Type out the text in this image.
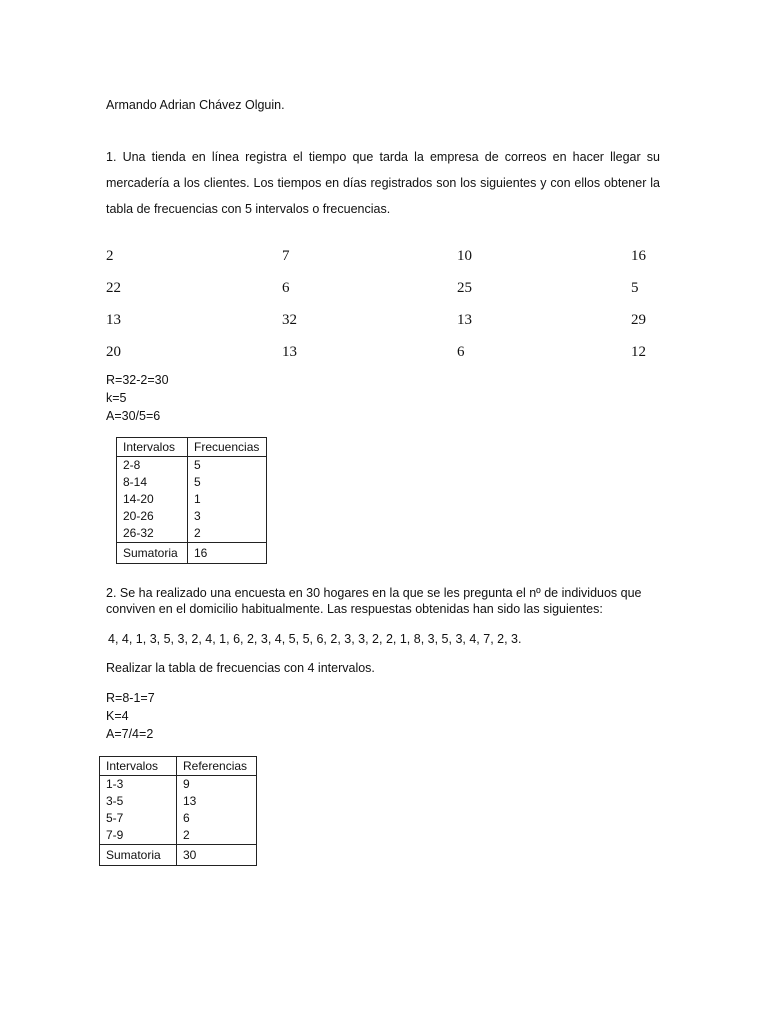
Armando Adrian Chávez Olguin.
1. Una tienda en línea registra el tiempo que tarda la empresa de correos en hacer llegar su mercadería a los clientes. Los tiempos en días registrados son los siguientes y con ellos obtener la tabla de frecuencias con 5 intervalos o frecuencias.
2	7	10	16
22	6	25	5
13	32	13	29
20	13	6	12
R=32-2=30
k=5
A=30/5=6
Intervalos	Frecuencias
2-8	5
8-14	5
14-20	1
20-26	3
26-32	2
Sumatoria	16
2. Se ha realizado una encuesta en 30 hogares en la que se les pregunta el nº de individuos que conviven en el domicilio habitualmente. Las respuestas obtenidas han sido las siguientes:
4, 4, 1, 3, 5, 3, 2, 4, 1, 6, 2, 3, 4, 5, 5, 6, 2, 3, 3, 2, 2, 1, 8, 3, 5, 3, 4, 7, 2, 3.
Realizar la tabla de frecuencias con 4 intervalos.
R=8-1=7
K=4
A=7/4=2
Intervalos	Referencias
1-3	9
3-5	13
5-7	6
7-9	2
Sumatoria	30
